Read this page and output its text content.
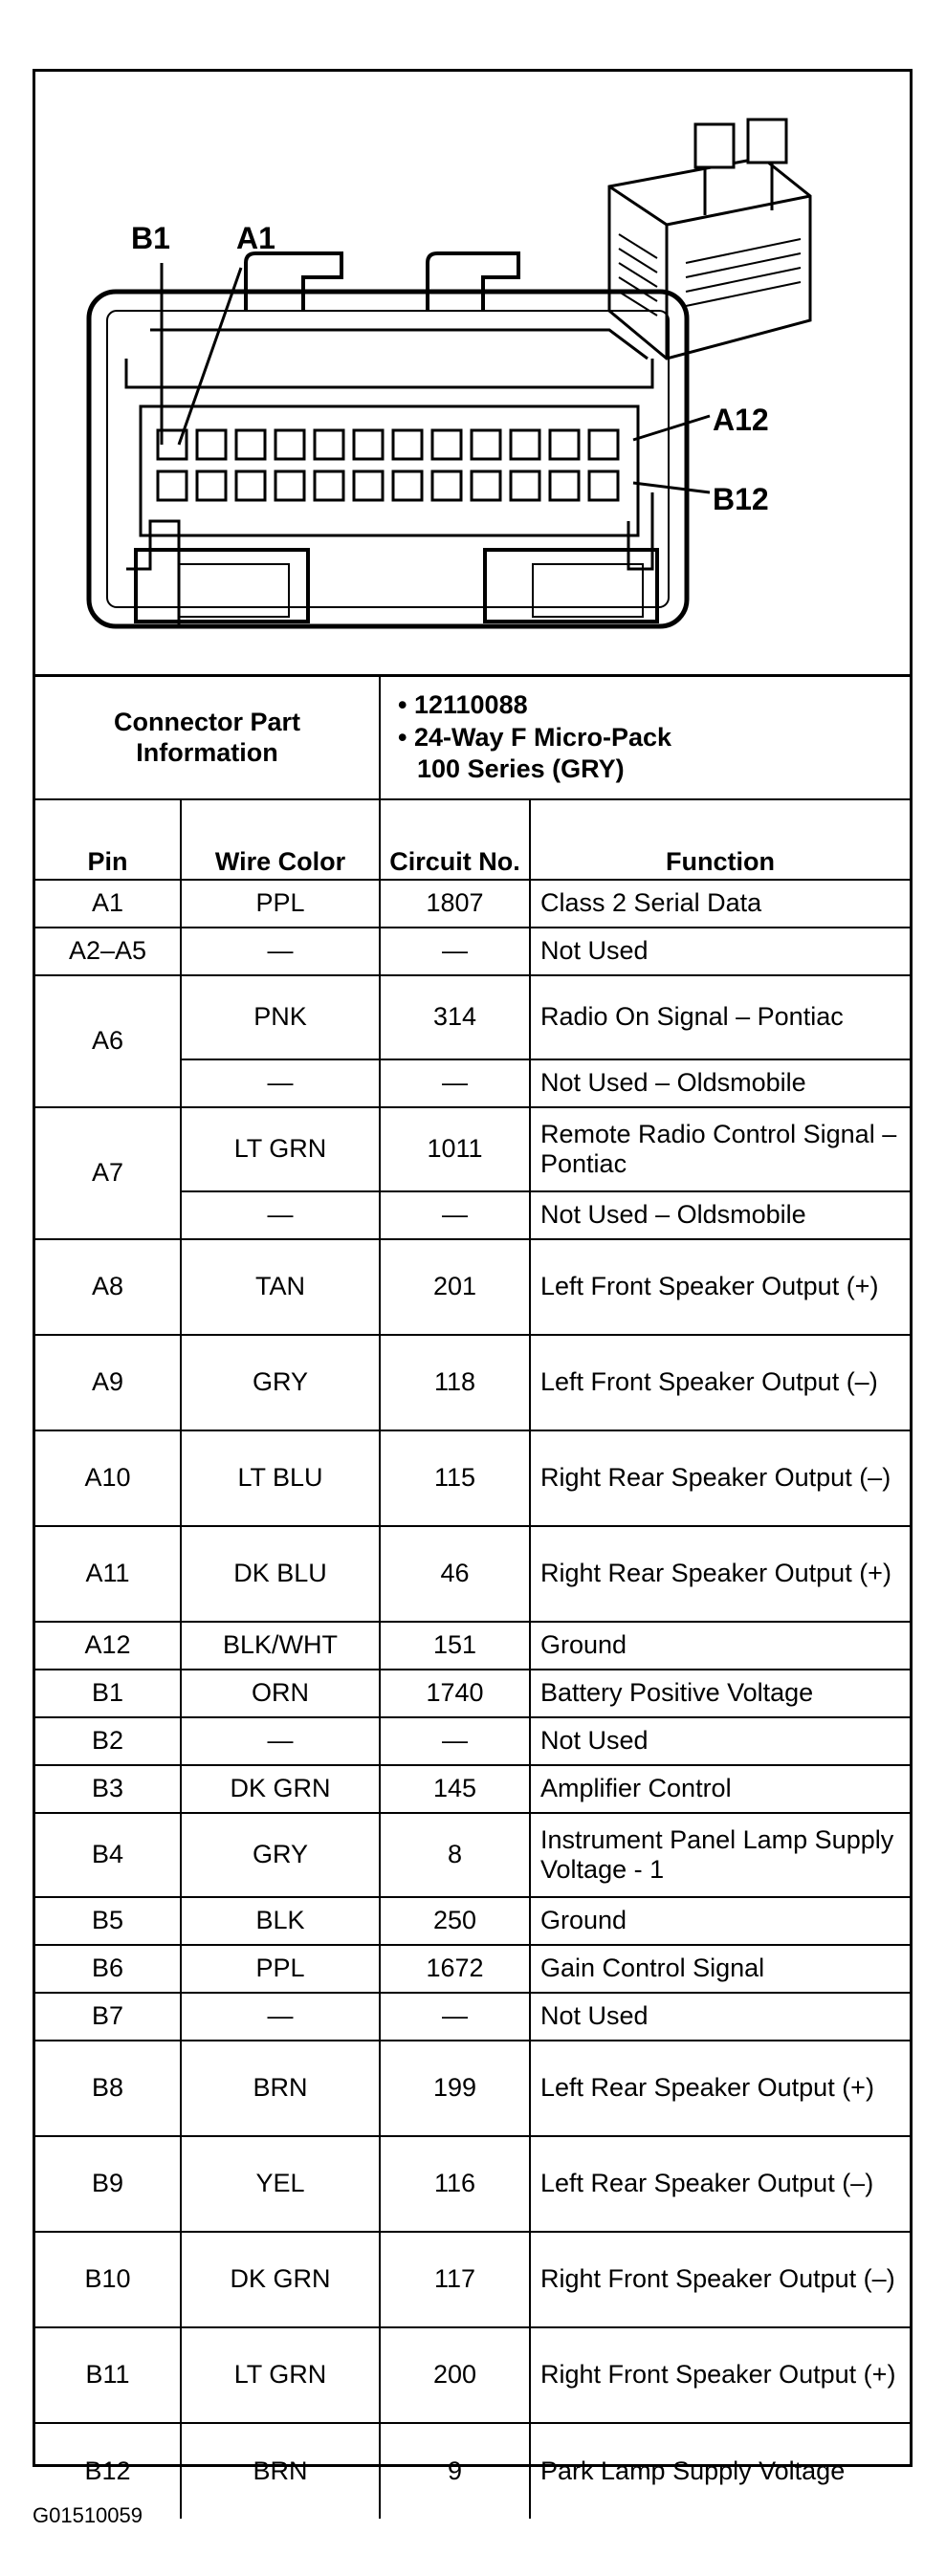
B1 A1
A12
B12
Connector Part Information		• 12110088
• 24-Way F Micro-Pack
100 Series (GRY)	

Pin	Wire Color	Circuit No.	Function
A1	PPL	1807	Class 2 Serial Data
A2–A5	—	—	Not Used
A6	PNK	314	Radio On Signal – Pontiac
	—	—	Not Used – Oldsmobile
A7	LT GRN	1011	Remote Radio Control Signal – Pontiac
	—	—	Not Used – Oldsmobile
A8	TAN	201	Left Front Speaker Output (+)
A9	GRY	118	Left Front Speaker Output (–)
A10	LT BLU	115	Right Rear Speaker Output (–)
A11	DK BLU	46	Right Rear Speaker Output (+)
A12	BLK/WHT	151	Ground
B1	ORN	1740	Battery Positive Voltage
B2	—	—	Not Used
B3	DK GRN	145	Amplifier Control
B4	GRY	8	Instrument Panel Lamp Supply Voltage - 1
B5	BLK	250	Ground
B6	PPL	1672	Gain Control Signal
B7	—	—	Not Used
B8	BRN	199	Left Rear Speaker Output (+)
B9	YEL	116	Left Rear Speaker Output (–)
B10	DK GRN	117	Right Front Speaker Output (–)
B11	LT GRN	200	Right Front Speaker Output (+)
B12	BRN	9	Park Lamp Supply Voltage
G01510059
